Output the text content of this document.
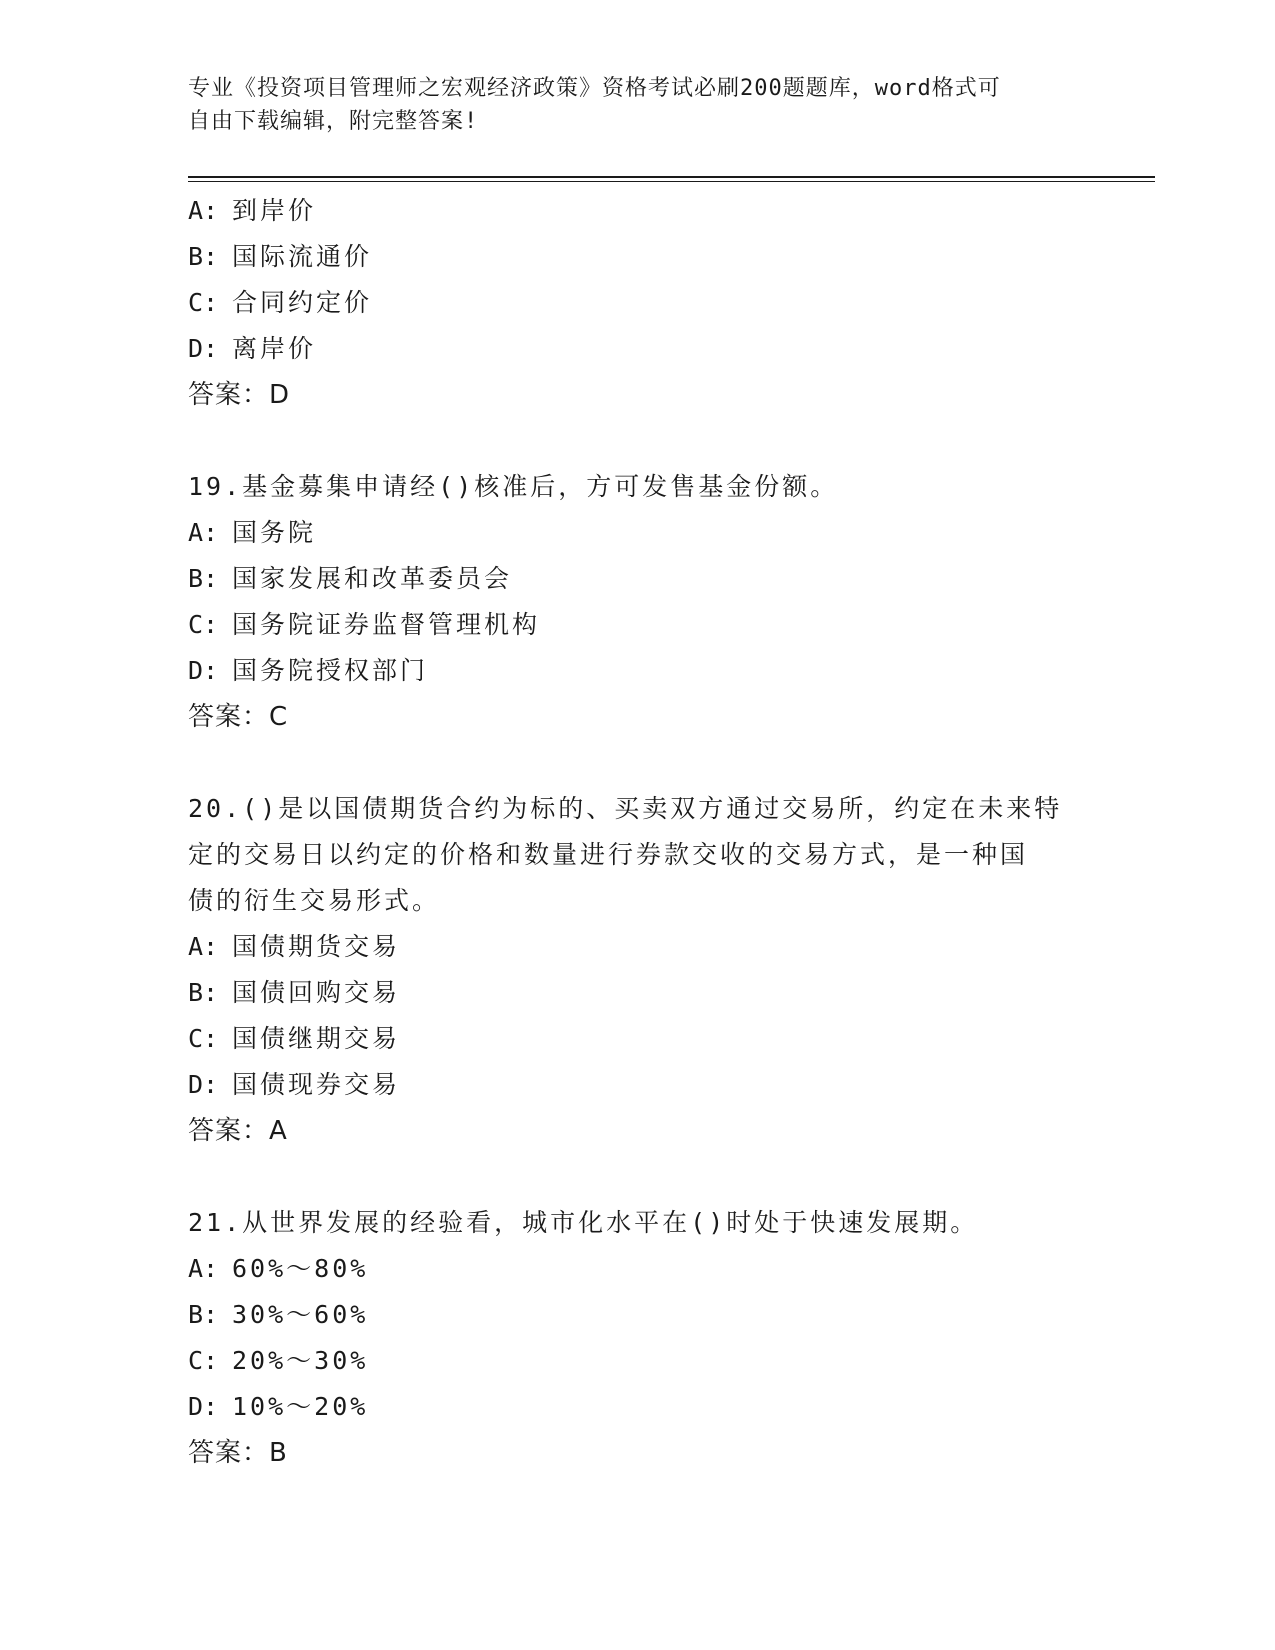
专业《投资项目管理师之宏观经济政策》资格考试必刷200题题库，word格式可
自由下载编辑，附完整答案!
A: 到岸价
B: 国际流通价
C: 合同约定价
D: 离岸价
答案：D
19.基金募集申请经()核准后，方可发售基金份额。
A: 国务院
B: 国家发展和改革委员会
C: 国务院证券监督管理机构
D: 国务院授权部门
答案：C
20.()是以国债期货合约为标的、买卖双方通过交易所，约定在未来特
定的交易日以约定的价格和数量进行券款交收的交易方式，是一种国
债的衍生交易形式。
A: 国债期货交易
B: 国债回购交易
C: 国债继期交易
D: 国债现券交易
答案：A
21.从世界发展的经验看，城市化水平在()时处于快速发展期。
A: 60%～80%
B: 30%～60%
C: 20%～30%
D: 10%～20%
答案：B
